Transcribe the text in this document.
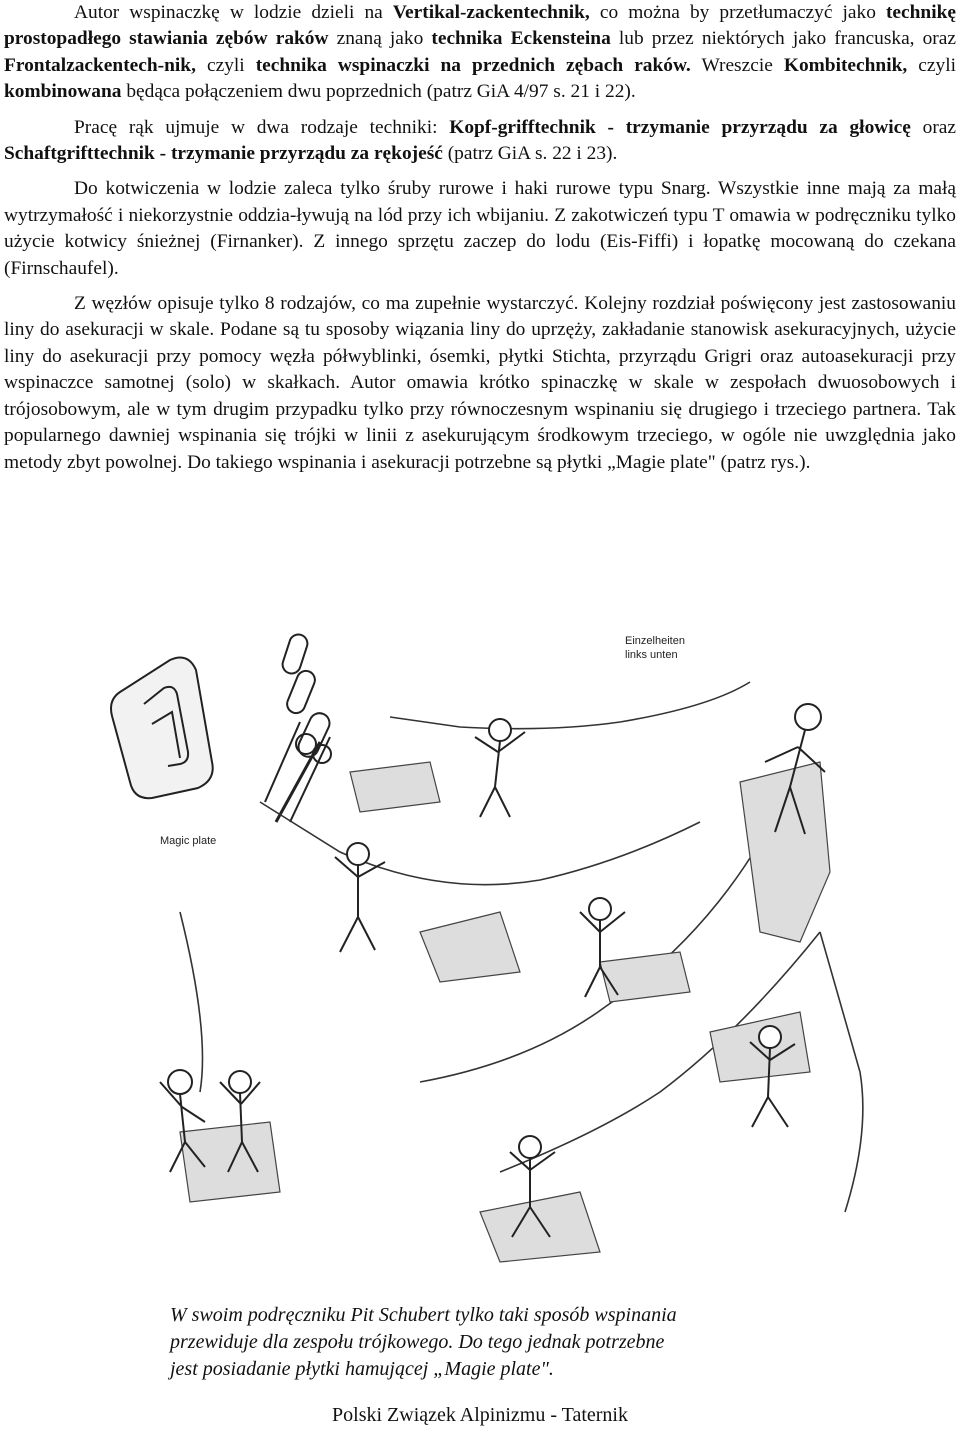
Autor wspinaczkę w lodzie dzieli na Vertikal-zackentechnik, co można by przetłumaczyć jako technikę prostopadłego stawiania zębów raków znaną jako technika Eckensteina lub przez niektórych jako francuska, oraz Frontalzackentech-nik, czyli technika wspinaczki na przednich zębach raków. Wreszcie Kombitechnik, czyli kombinowana będąca połączeniem dwu poprzednich (patrz GiA 4/97 s. 21 i 22).

Pracę rąk ujmuje w dwa rodzaje techniki: Kopf-grifftechnik - trzymanie przyrządu za głowicę oraz Schaftgrifttechnik - trzymanie przyrządu za rękojeść (patrz GiA s. 22 i 23).

Do kotwiczenia w lodzie zaleca tylko śruby rurowe i haki rurowe typu Snarg. Wszystkie inne mają za małą wytrzymałość i niekorzystnie oddzia-ływują na lód przy ich wbijaniu. Z zakotwiczeń typu T omawia w podręczniku tylko użycie kotwicy śnieżnej (Firnanker). Z innego sprzętu zaczep do lodu (Eis-Fiffi) i łopatkę mocowaną do czekana (Firnschaufel).

Z węzłów opisuje tylko 8 rodzajów, co ma zupełnie wystarczyć. Kolejny rozdział poświęcony jest zastosowaniu liny do asekuracji w skale. Podane są tu sposoby wiązania liny do uprzęży, zakładanie stanowisk asekuracyjnych, użycie liny do asekuracji przy pomocy węzła półwyblinki, ósemki, płytki Stichta, przyrządu Grigri oraz autoasekuracji przy wspinaczce samotnej (solo) w skałkach. Autor omawia krótko spinaczkę w skale w zespołach dwuosobowych i trójosobowym, ale w tym drugim przypadku tylko przy równoczesnym wspinaniu się drugiego i trzeciego partnera. Tak popularnego dawniej wspinania się trójki w linii z asekurującym środkowym trzeciego, w ogóle nie uwzględnia jako metody zbyt powolnej. Do takiego wspinania i asekuracji potrzebne są płytki „Magie plate" (patrz rys.).

Magic plate
Einzelheiten
links unten
W swoim podręczniku Pit Schubert tylko taki sposób wspinania
przewiduje dla zespołu trójkowego. Do tego jednak potrzebne
jest posiadanie płytki hamującej „Magie plate".
Polski Związek Alpinizmu - Taternik
